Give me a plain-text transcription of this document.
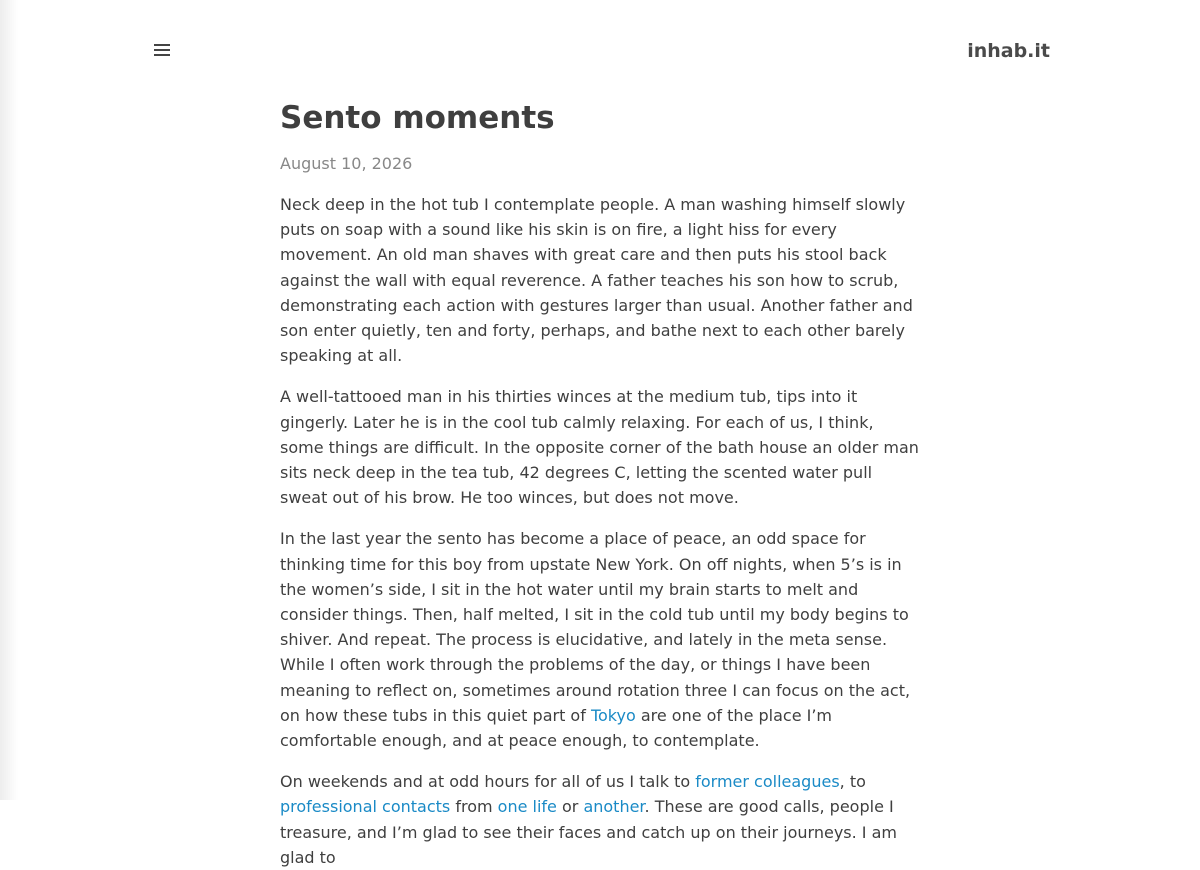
inhab.it
Sento moments
August 10, 2026

Neck deep in the hot tub I contemplate people. A man washing himself slowly puts on soap with a sound like his skin is on fire, a light hiss for every movement. An old man shaves with great care and then puts his stool back against the wall with equal reverence. A father teaches his son how to scrub, demonstrating each action with gestures larger than usual. Another father and son enter quietly, ten and forty, perhaps, and bathe next to each other barely speaking at all.

A well-tattooed man in his thirties winces at the medium tub, tips into it gingerly. Later he is in the cool tub calmly relaxing. For each of us, I think, some things are difficult. In the opposite corner of the bath house an older man sits neck deep in the tea tub, 42 degrees C, letting the scented water pull sweat out of his brow. He too winces, but does not move.

In the last year the sento has become a place of peace, an odd space for thinking time for this boy from upstate New York. On off nights, when 5’s is in the women’s side, I sit in the hot water until my brain starts to melt and consider things. Then, half melted, I sit in the cold tub until my body begins to shiver. And repeat. The process is elucidative, and lately in the meta sense. While I often work through the problems of the day, or things I have been meaning to reflect on, sometimes around rotation three I can focus on the act, on how these tubs in this quiet part of Tokyo are one of the place I’m comfortable enough, and at peace enough, to contemplate.

On weekends and at odd hours for all of us I talk to former colleagues, to professional contacts from one life or another. These are good calls, people I treasure, and I’m glad to see their faces and catch up on their journeys. I am glad to
